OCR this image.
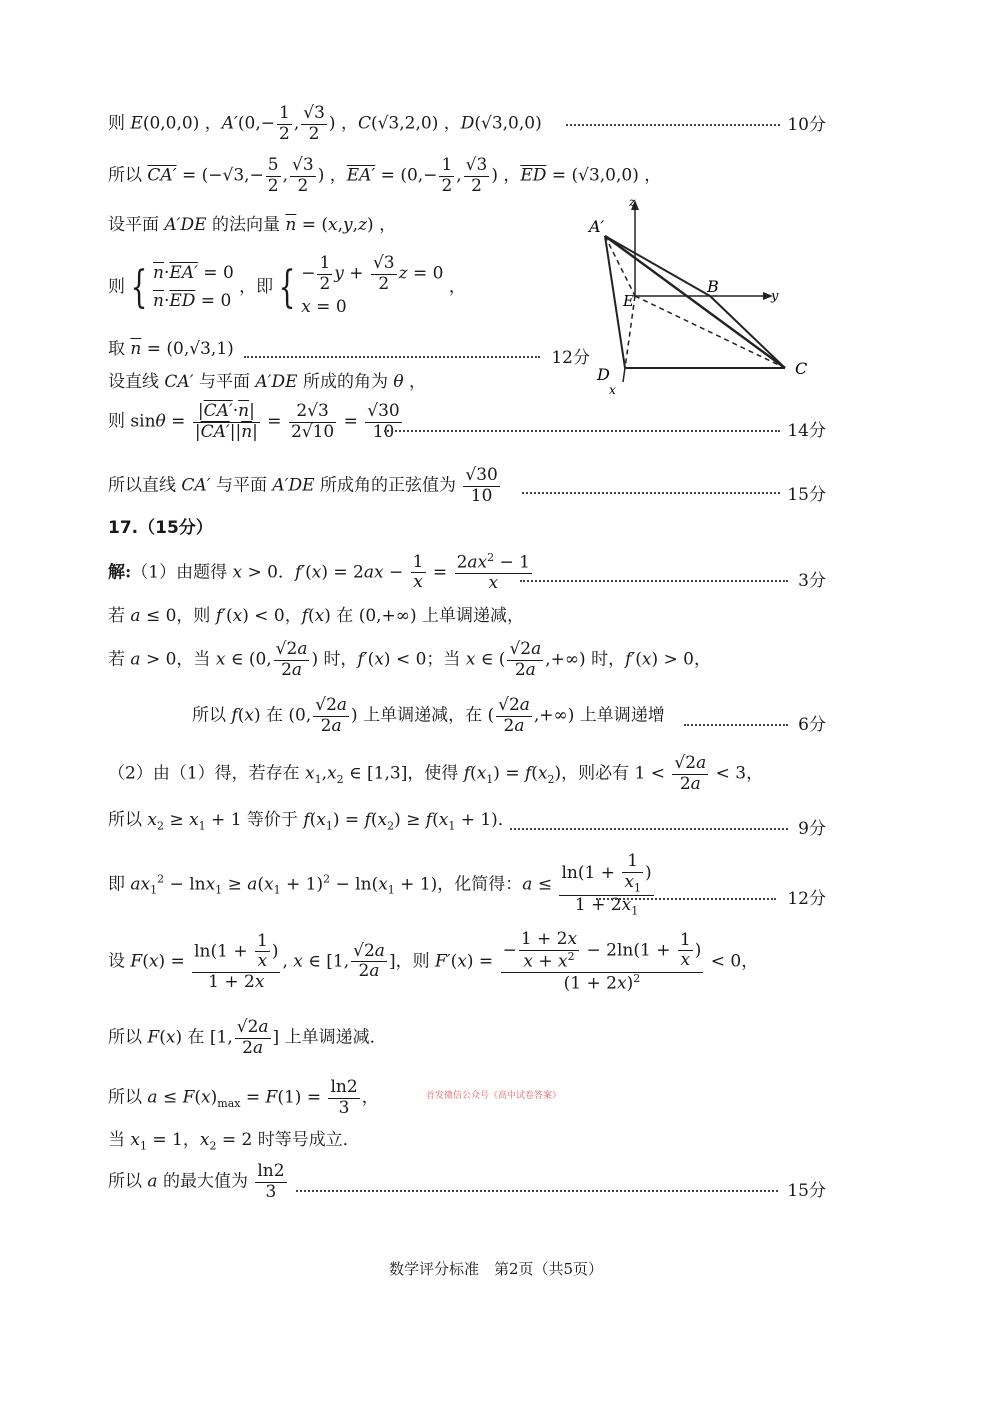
则 E(0,0,0) ，$A'(0,- \frac{1}{2}$ , $\frac{√3}{2}$ ) ，C(√3,2,0) ，D(√3,0,0)	10分
所以 $CA' = (-√3,- \frac{5}{2}$ , $\frac{√3}{2}$ ) ，$EA' = (0,- \frac{1}{2}$ , $\frac{√3}{2}$ ) ，$\overline{ED} = (√3,0,0)$ ，
设平面 A′DE 的法向量 $\overline{n} = (x,y,z)$ ，
则 { $\overline{n}\cdot EA' = 0$
$\overline{n}\cdot\overline{ED} = 0$
，即 { − $\frac{1}{2}$ $y + \frac{√3}{2}$ z = 0
x = 0
，
取 $\overline{n} = (0,√3,1)$	12分
设直线 CA′ 与平面 A′DE 所成的角为 θ ，
则 $\sin\theta = \frac{|CA'\cdot\overline{n}|}{|CA'||\overline{n}|} = \frac{2√3}{2√10} = \frac{√30}{10}$	14分
所以直线 CA′ 与平面 A′DE 所成角的正弦值为 $\frac{√30}{10}$	15分
17.（15分）
解:（1）由题得 x > 0．$f'(x) = 2ax - \frac{1}{x} = \frac{2ax^2 - 1}{x}$	3分
若 a ≤ 0，则 f′(x) < 0，f(x) 在 (0,+∞) 上单调递减，
若 a > 0，当 x ∈ (0, $\frac{√2a}{2a}$ ) 时，f′(x) < 0；当 x ∈ ( $\frac{√2a}{2a}$ ,+∞) 时，f′(x) > 0，
所以 f(x) 在 (0, $\frac{√2a}{2a}$ ) 上单调递减，在 ( $\frac{√2a}{2a}$ ,+∞) 上单调递增	6分
（2）由（1）得，若存在 $x_1,x_2$ ∈ [1,3]，使得 $f(x_1) = f(x_2)$，则必有 $1 < \frac{√2a}{2a} < 3$，
所以 $x_2 \ge x_1 + 1$ 等价于 $f(x_1) = f(x_2) \ge f(x_1 + 1)$．	9分
即 $ax_1^2 - \ln x_1 \ge a(x_1 + 1)^2 - \ln(x_1 + 1)$，化简得：$a \le \frac{\ln(1 + \frac{1}{x_1} )}{1 + 2x_1}$	12分
设 $F(x) = \frac{\ln(1 + \frac{1}{x} )}{1 + 2x}$ , x ∈ [1, $\frac{√2a}{2a}$ ]，则 $F'(x) = \frac{- \frac{1 + 2x}{x + x^2} - 2\ln(1 + \frac{1}{x} )}{(1 + 2x)^2} < 0$，
所以 F(x) 在 [1, $\frac{√2a}{2a}$ ] 上单调递减．
所以 $a \le F(x)_{max} = F(1) = \frac{\ln 2}{3}$ ，
当 $x_1 = 1$，$x_2 = 2$ 时等号成立．
所以 a 的最大值为 $\frac{\ln 2}{3}$	15分
首发微信公众号《高中试卷答案》
z
y
x
A′
E
B
D	C
数学评分标准　第2页（共5页）
